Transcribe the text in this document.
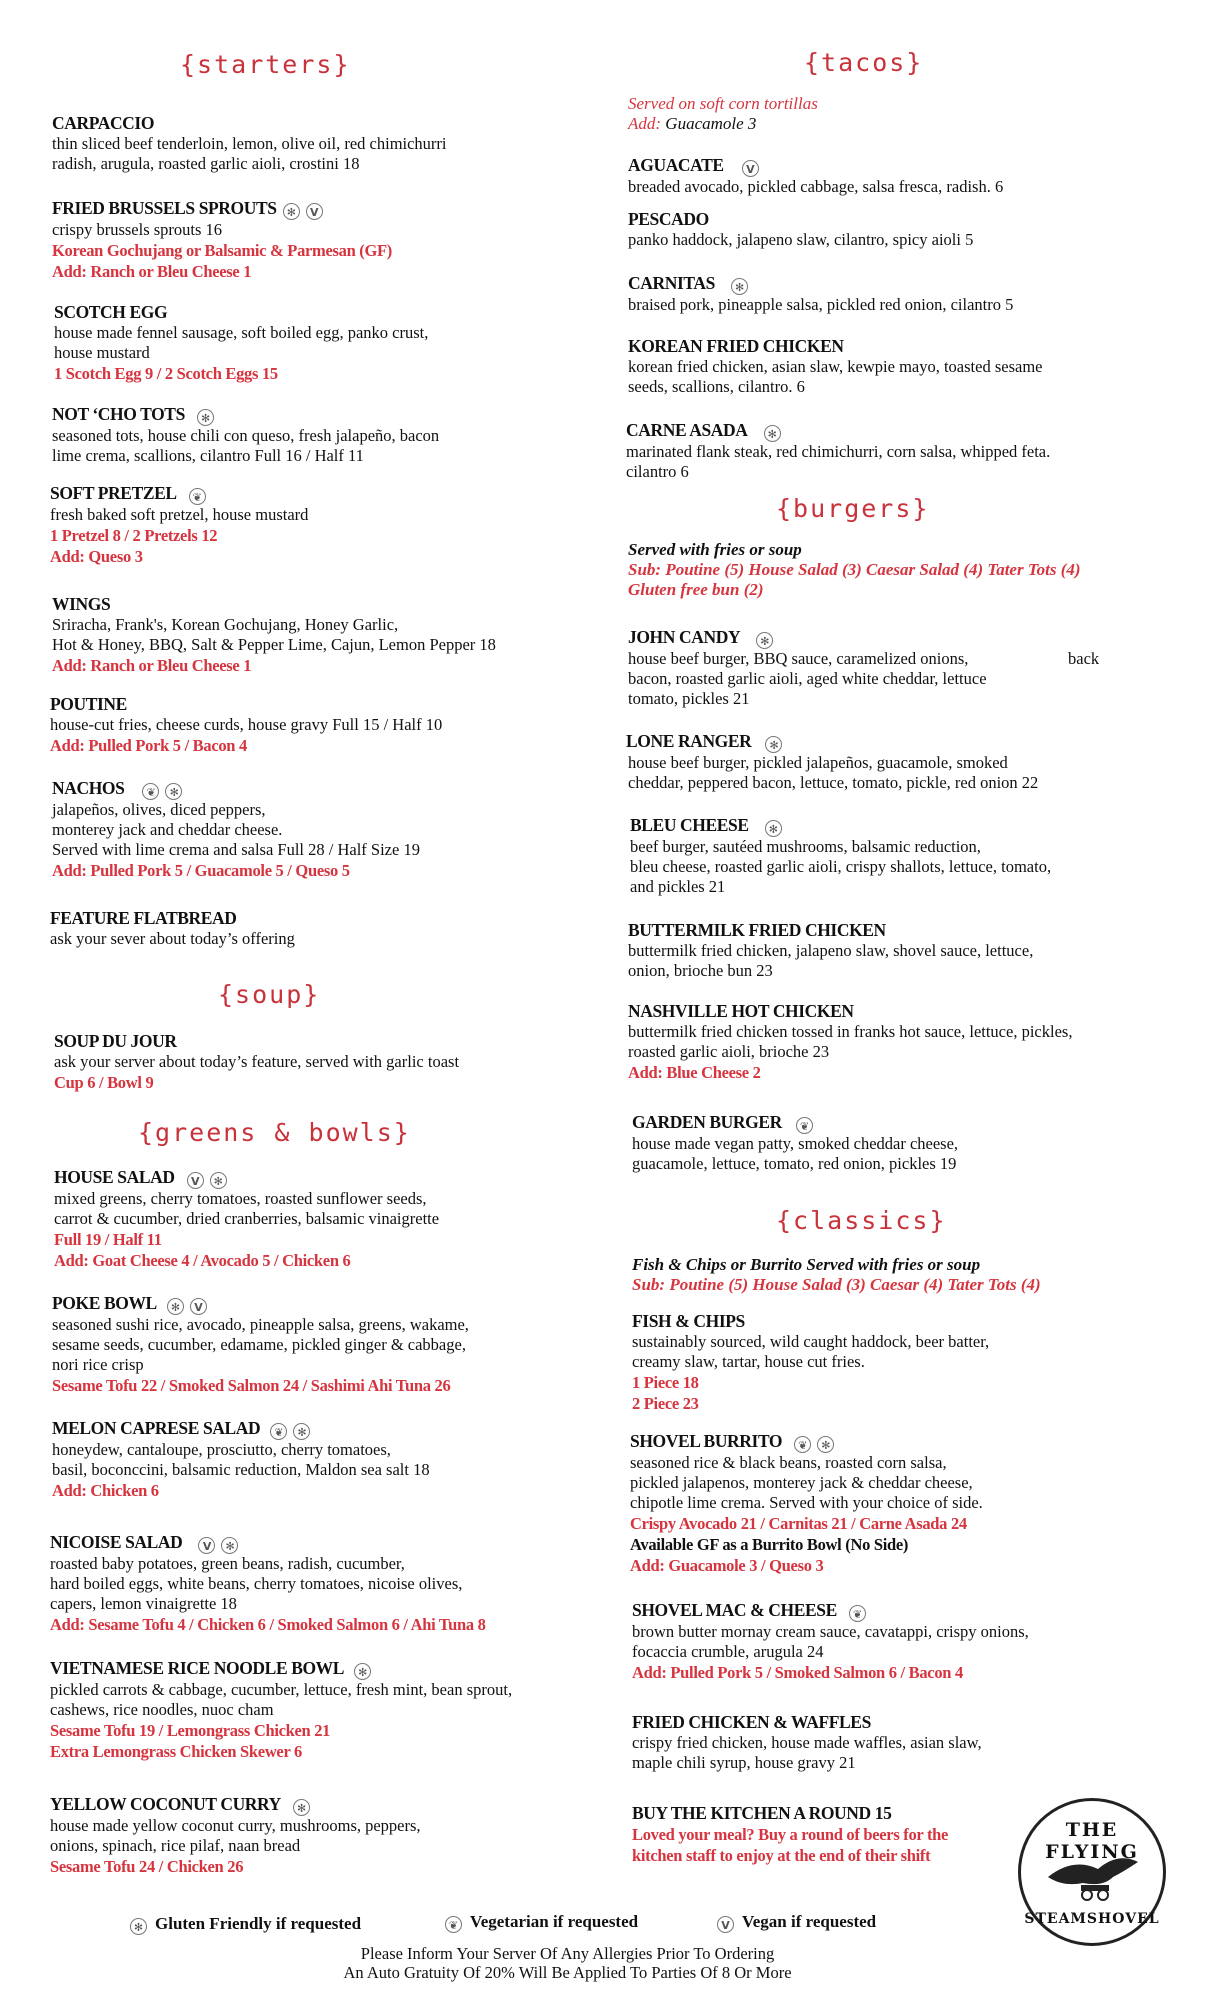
{starters}
CARPACCIO
thin sliced beef tenderloin, lemon, olive oil, red chimichurri
radish, arugula, roasted garlic aioli, crostini 18
FRIED BRUSSELS SPROUTS ✻ V
crispy brussels sprouts 16
Korean Gochujang or Balsamic & Parmesan (GF)
Add: Ranch or Bleu Cheese 1
SCOTCH EGG
house made fennel sausage, soft boiled egg, panko crust,
house mustard
1 Scotch Egg 9 / 2 Scotch Eggs 15
NOT ‘CHO TOTS ✻
seasoned tots, house chili con queso, fresh jalapeño, bacon
lime crema, scallions, cilantro Full 16 / Half 11
SOFT PRETZEL ❦
fresh baked soft pretzel, house mustard
1 Pretzel 8 / 2 Pretzels 12
Add: Queso 3
WINGS
Sriracha, Frank's, Korean Gochujang, Honey Garlic,
Hot & Honey, BBQ, Salt & Pepper Lime, Cajun, Lemon Pepper 18
Add: Ranch or Bleu Cheese 1
POUTINE
house-cut fries, cheese curds, house gravy Full 15 / Half 10
Add: Pulled Pork 5 / Bacon 4
NACHOS ❦ ✻
jalapeños, olives, diced peppers,
monterey jack and cheddar cheese.
Served with lime crema and salsa Full 28 / Half Size 19
Add: Pulled Pork 5 / Guacamole 5 / Queso 5
FEATURE FLATBREAD
ask your sever about today’s offering
{soup}
SOUP DU JOUR
ask your server about today’s feature, served with garlic toast
Cup 6 / Bowl 9
{greens & bowls}
HOUSE SALAD V ✻
mixed greens, cherry tomatoes, roasted sunflower seeds,
carrot & cucumber, dried cranberries, balsamic vinaigrette
Full 19 / Half 11
Add: Goat Cheese 4 / Avocado 5 / Chicken 6
POKE BOWL ✻ V
seasoned sushi rice, avocado, pineapple salsa, greens, wakame,
sesame seeds, cucumber, edamame, pickled ginger & cabbage,
nori rice crisp
Sesame Tofu 22 / Smoked Salmon 24 / Sashimi Ahi Tuna 26
MELON CAPRESE SALAD ❦ ✻
honeydew, cantaloupe, prosciutto, cherry tomatoes,
basil, boconccini, balsamic reduction, Maldon sea salt 18
Add: Chicken 6
NICOISE SALAD V ✻
roasted baby potatoes, green beans, radish, cucumber,
hard boiled eggs, white beans, cherry tomatoes, nicoise olives,
capers, lemon vinaigrette 18
Add: Sesame Tofu 4 / Chicken 6 / Smoked Salmon 6 / Ahi Tuna 8
VIETNAMESE RICE NOODLE BOWL ✻
pickled carrots & cabbage, cucumber, lettuce, fresh mint, bean sprout,
cashews, rice noodles, nuoc cham
Sesame Tofu 19 / Lemongrass Chicken 21
Extra Lemongrass Chicken Skewer 6
YELLOW COCONUT CURRY ✻
house made yellow coconut curry, mushrooms, peppers,
onions, spinach, rice pilaf, naan bread
Sesame Tofu 24 / Chicken 26
{tacos}
Served on soft corn tortillas
Add: Guacamole 3
AGUACATE V
breaded avocado, pickled cabbage, salsa fresca, radish. 6
PESCADO
panko haddock, jalapeno slaw, cilantro, spicy aioli 5
CARNITAS ✻
braised pork, pineapple salsa, pickled red onion, cilantro 5
KOREAN FRIED CHICKEN
korean fried chicken, asian slaw, kewpie mayo, toasted sesame
seeds, scallions, cilantro. 6
CARNE ASADA ✻
marinated flank steak, red chimichurri, corn salsa, whipped feta.
cilantro 6
{burgers}
Served with fries or soup
Sub: Poutine (5) House Salad (3) Caesar Salad (4) Tater Tots (4)
Gluten free bun (2)
JOHN CANDY ✻
house beef burger, BBQ sauce, caramelized onions,	back
bacon, roasted garlic aioli, aged white cheddar, lettuce
tomato, pickles 21
LONE RANGER ✻
house beef burger, pickled jalapeños, guacamole, smoked
cheddar, peppered bacon, lettuce, tomato, pickle, red onion 22
BLEU CHEESE ✻
beef burger, sautéed mushrooms, balsamic reduction,
bleu cheese, roasted garlic aioli, crispy shallots, lettuce, tomato,
and pickles 21
BUTTERMILK FRIED CHICKEN
buttermilk fried chicken, jalapeno slaw, shovel sauce, lettuce,
onion, brioche bun 23
NASHVILLE HOT CHICKEN
buttermilk fried chicken tossed in franks hot sauce, lettuce, pickles,
roasted garlic aioli, brioche 23
Add: Blue Cheese 2
GARDEN BURGER ❦
house made vegan patty, smoked cheddar cheese,
guacamole, lettuce, tomato, red onion, pickles 19
{classics}
Fish & Chips or Burrito Served with fries or soup
Sub: Poutine (5) House Salad (3) Caesar (4) Tater Tots (4)
FISH & CHIPS
sustainably sourced, wild caught haddock, beer batter,
creamy slaw, tartar, house cut fries.
1 Piece 18
2 Piece 23
SHOVEL BURRITO ❦ ✻
seasoned rice & black beans, roasted corn salsa,
pickled jalapenos, monterey jack & cheddar cheese,
chipotle lime crema. Served with your choice of side.
Crispy Avocado 21 / Carnitas 21 / Carne Asada 24
Available GF as a Burrito Bowl (No Side)
Add: Guacamole 3 / Queso 3
SHOVEL MAC & CHEESE ❦
brown butter mornay cream sauce, cavatappi, crispy onions,
focaccia crumble, arugula 24
Add: Pulled Pork 5 / Smoked Salmon 6 / Bacon 4
FRIED CHICKEN & WAFFLES
crispy fried chicken, house made waffles, asian slaw,
maple chili syrup, house gravy 21
BUY THE KITCHEN A ROUND 15
Loved your meal? Buy a round of beers for the
kitchen staff to enjoy at the end of their shift
THE FLYING
STEAMSHOVEL
✻ Gluten Friendly if requested	❦ Vegetarian if requested	V Vegan if requested
Please Inform Your Server Of Any Allergies Prior To Ordering
An Auto Gratuity Of 20% Will Be Applied To Parties Of 8 Or More
